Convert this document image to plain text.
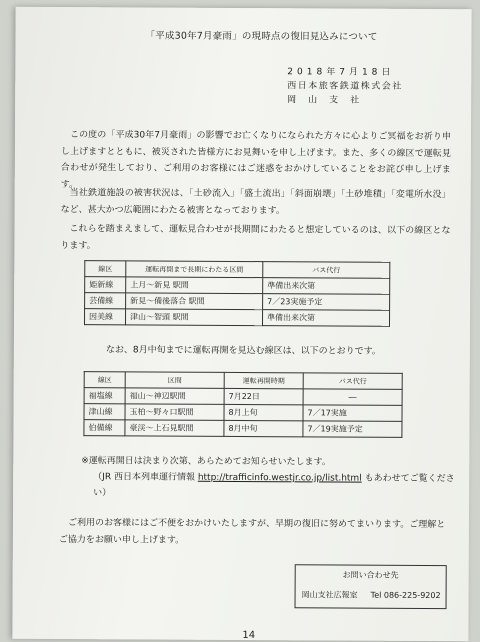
「平成30年7月豪雨」の現時点の復旧見込みについて
2018年7月18日
西日本旅客鉄道株式会社
岡山支社
この度の「平成30年7月豪雨」の影響でお亡くなりになられた方々に心よりご冥福をお祈り申し上げますとともに、被災された皆様方にお見舞いを申し上げます。また、多くの線区で運転見合わせが発生しており、ご利用のお客様にはご迷惑をおかけしていることをお詫び申し上げます。
当社鉄道施設の被害状況は、「土砂流入」「盛土流出」「斜面崩壊」「土砂堆積」「変電所水没」など、甚大かつ広範囲にわたる被害となっております。
これらを踏まえまして、運転見合わせが長期間にわたると想定しているのは、以下の線区となります。
線区	運転再開まで長期にわたる区間	バス代行
姫新線	上月～新見 駅間	準備出来次第
芸備線	新見～備後落合 駅間	7／23実施予定
因美線	津山～智頭 駅間	準備出来次第
なお、8月中旬までに運転再開を見込む線区は、以下のとおりです。
線区	区間	運転再開時期	バス代行
福塩線	福山～神辺駅間	7月22日	―
津山線	玉柏～野々口駅間	8月上旬	7／17実施
伯備線	豪渓～上石見駅間	8月中旬	7／19実施予定
※運転再開日は決まり次第、あらためてお知らせいたします。
（JR 西日本列車運行情報 http://trafficinfo.westjr.co.jp/list.html もあわせてご覧ください）
ご利用のお客様にはご不便をおかけいたしますが、早期の復旧に努めてまいります。ご理解とご協力をお願い申し上げます。
お問い合わせ先
岡山支社広報室 Tel 086-225-9202
14
